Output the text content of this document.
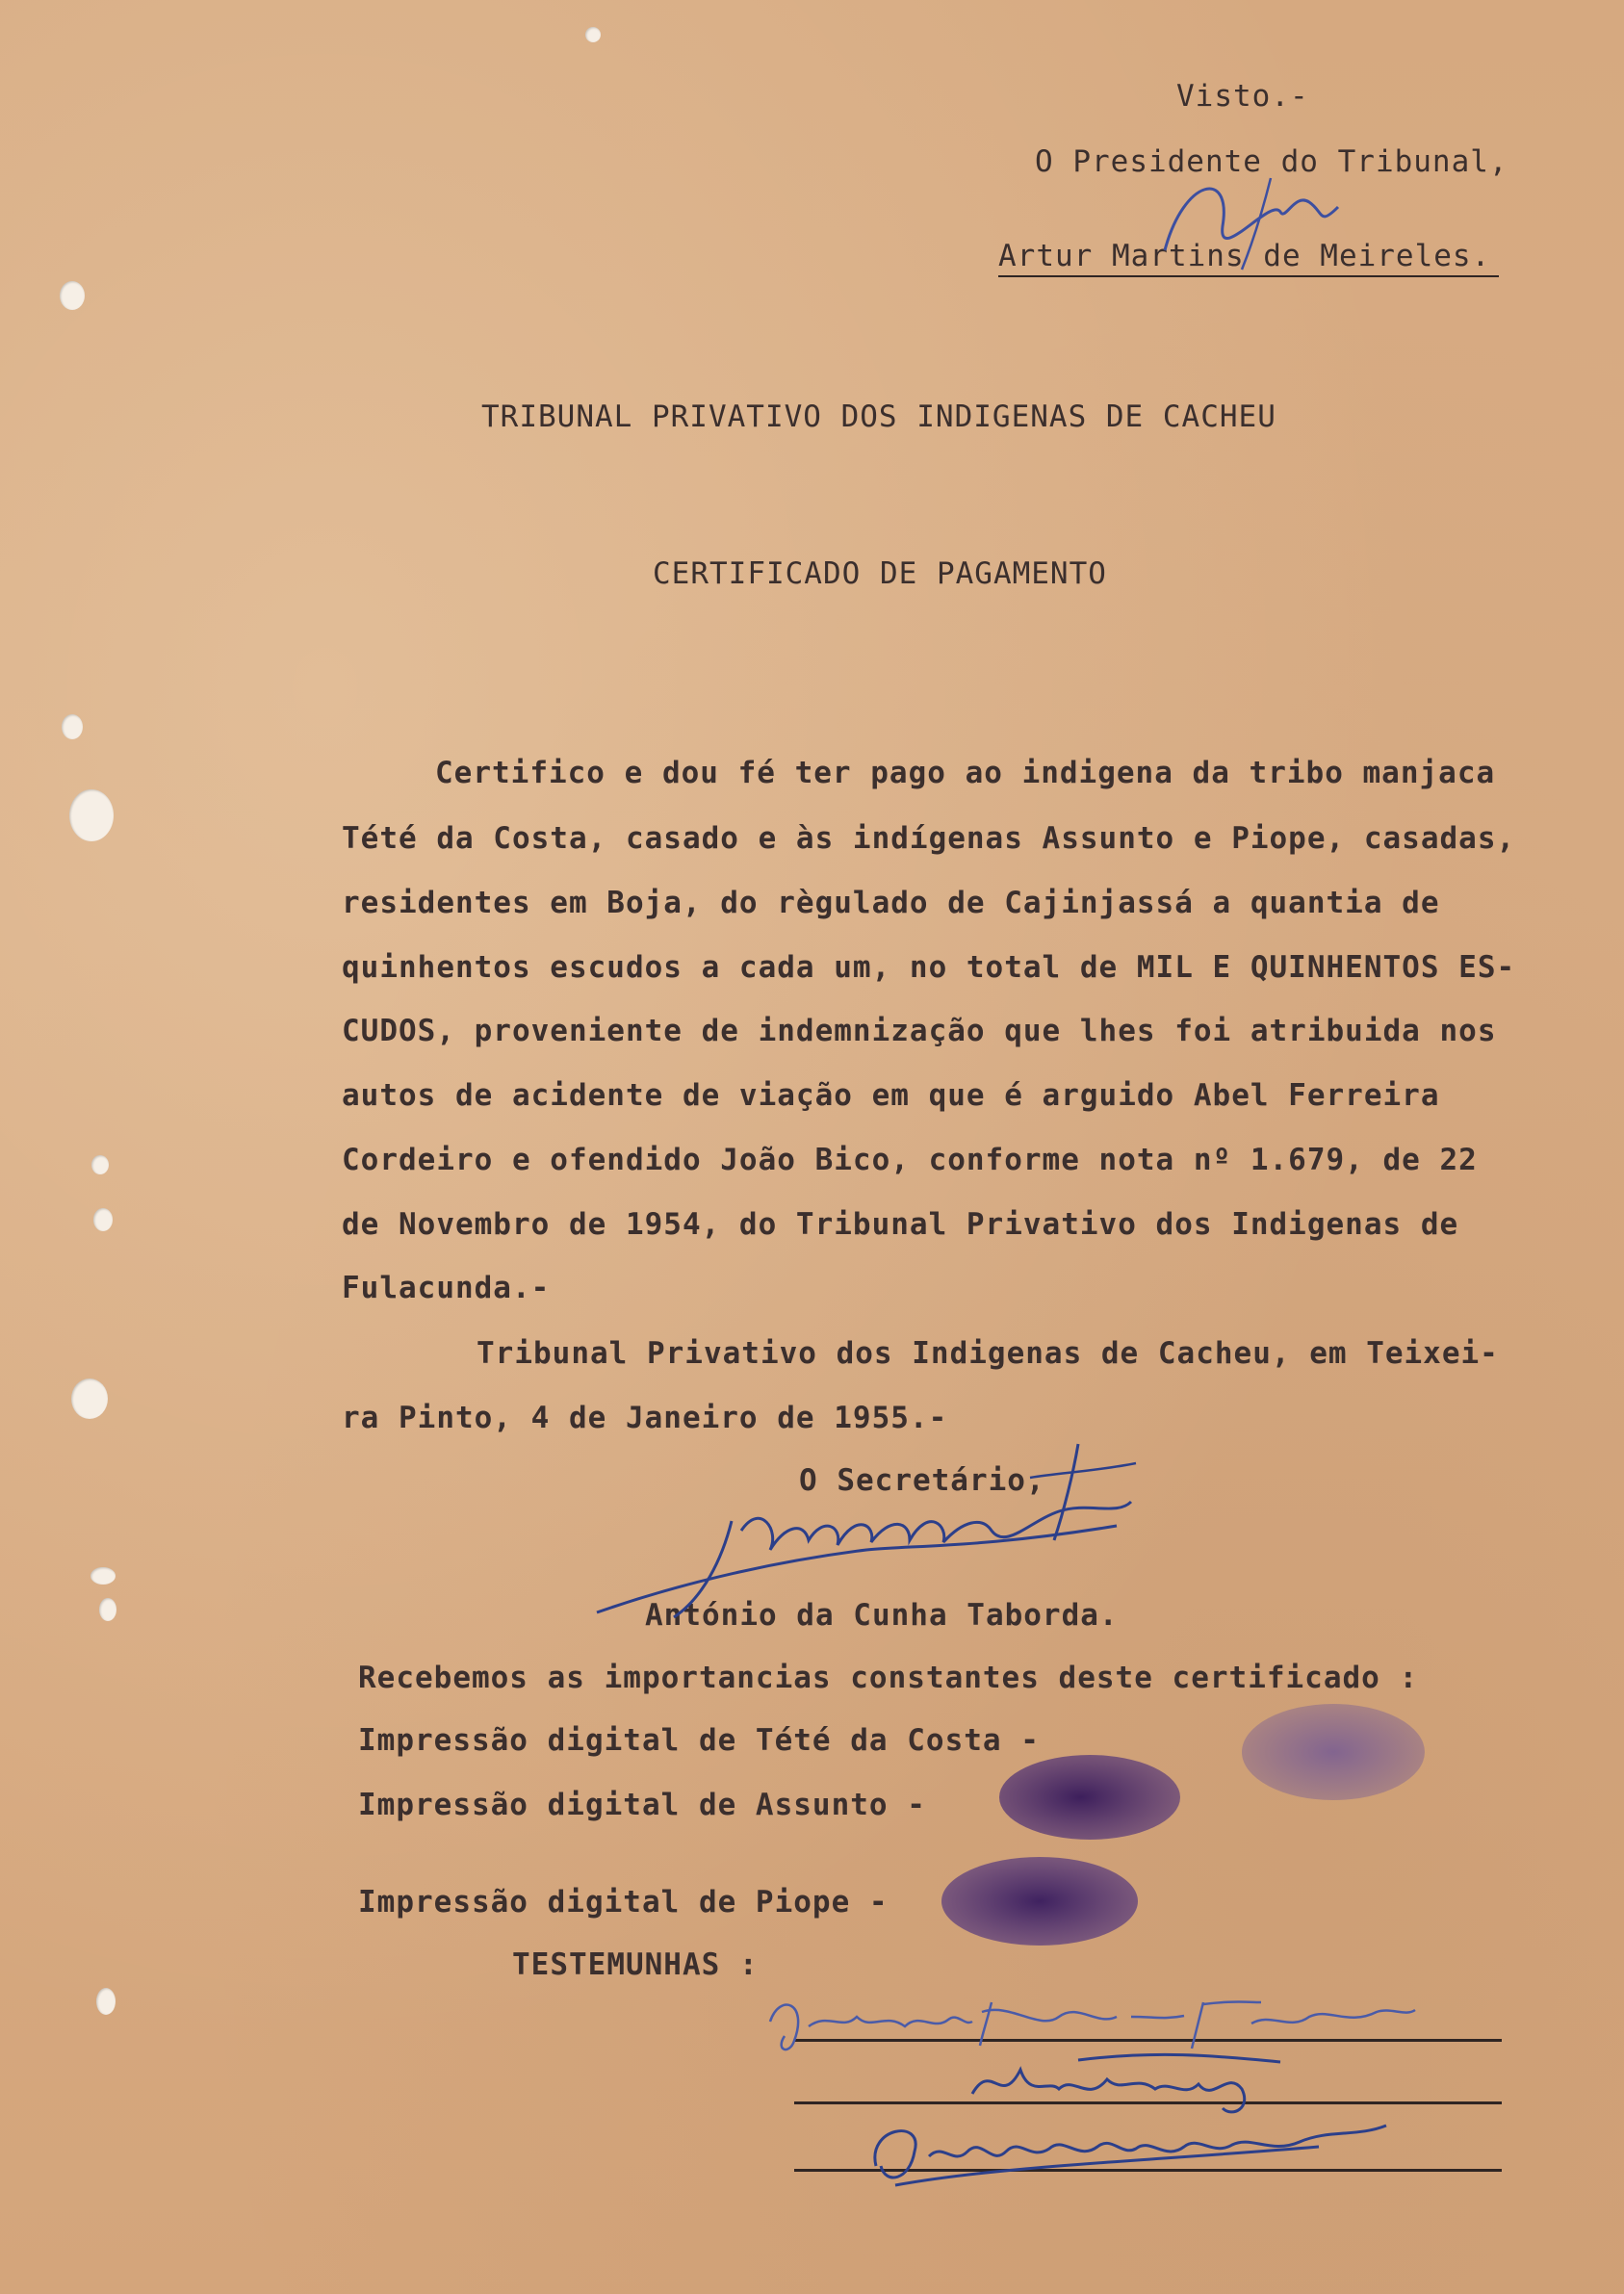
Visto.-
O Presidente do Tribunal,
Artur Martins de Meireles.
TRIBUNAL PRIVATIVO DOS INDIGENAS DE CACHEU
CERTIFICADO DE PAGAMENTO
Certifico e dou fé ter pago ao indigena da tribo manjaca
Tété da Costa, casado e às indígenas Assunto e Piope, casadas,
residentes em Boja, do règulado de Cajinjassá a quantia de
quinhentos escudos a cada um, no total de MIL E QUINHENTOS ES-
CUDOS, proveniente de indemnização que lhes foi atribuida nos
autos de acidente de viação em que é arguido Abel Ferreira
Cordeiro e ofendido João Bico, conforme nota nº 1.679, de 22
de Novembro de 1954, do Tribunal Privativo dos Indigenas de
Fulacunda.-
Tribunal Privativo dos Indigenas de Cacheu, em Teixei-
ra Pinto, 4 de Janeiro de 1955.-
O Secretário,
António da Cunha Taborda.
Recebemos as importancias constantes deste certificado :
Impressão digital de Tété da Costa -
Impressão digital de Assunto -
Impressão digital de Piope -
TESTEMUNHAS :
